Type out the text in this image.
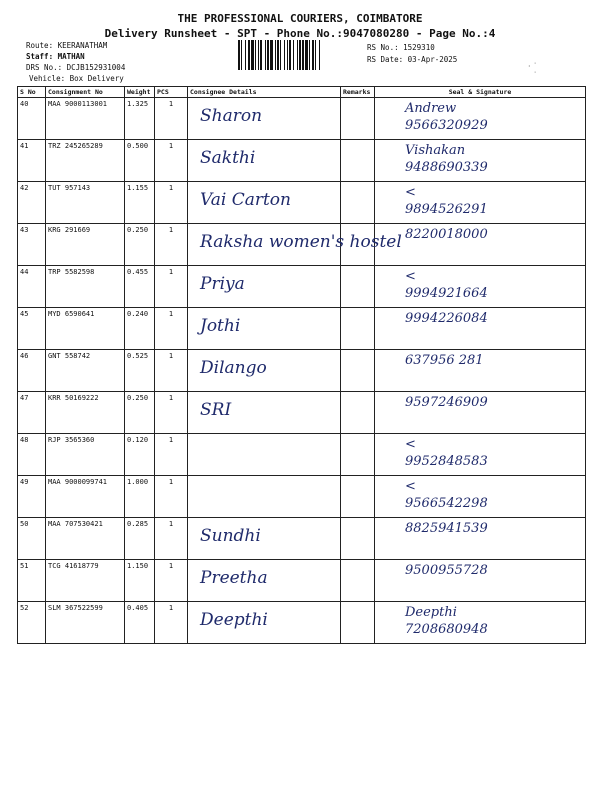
THE PROFESSIONAL COURIERS, COIMBATORE
Delivery Runsheet - SPT - Phone No.:9047080280 - Page No.:4
Route: KEERANATHAM
Staff: MATHAN
DRS No.: DCJB152931004
Vehicle: Box Delivery
RS No.: 1529310
RS Date: 03-Apr-2025
· ˙
˙
S No	Consignment No	Weight	PCS	Consignee Details	Remarks	Seal & Signature
40	MAA 9000113001	1.325	1	Sharon		Andrew
9566320929

41	TRZ 245265289	0.500	1	Sakthi		Vishakan
9488690339

42	TUT 957143	1.155	1	Vai Carton		<
9894526291

43	KRG 291669	0.250	1	Raksha women's hostel		8220018000

44	TRP 5582598	0.455	1	Priya		<
9994921664

45	MYD 6590641	0.240	1	Jothi		9994226084

46	GNT 558742	0.525	1	Dilango		637956 281

47	KRR 50169222	0.250	1	SRI		9597246909

48	RJP 3565360	0.120	1			<
9952848583

49	MAA 9000099741	1.000	1			<
9566542298

50	MAA 707530421	0.285	1	Sundhi		8825941539

51	TCG 41618779	1.150	1	Preetha		9500955728

52	SLM 367522599	0.405	1	Deepthi		Deepthi
7208680948
